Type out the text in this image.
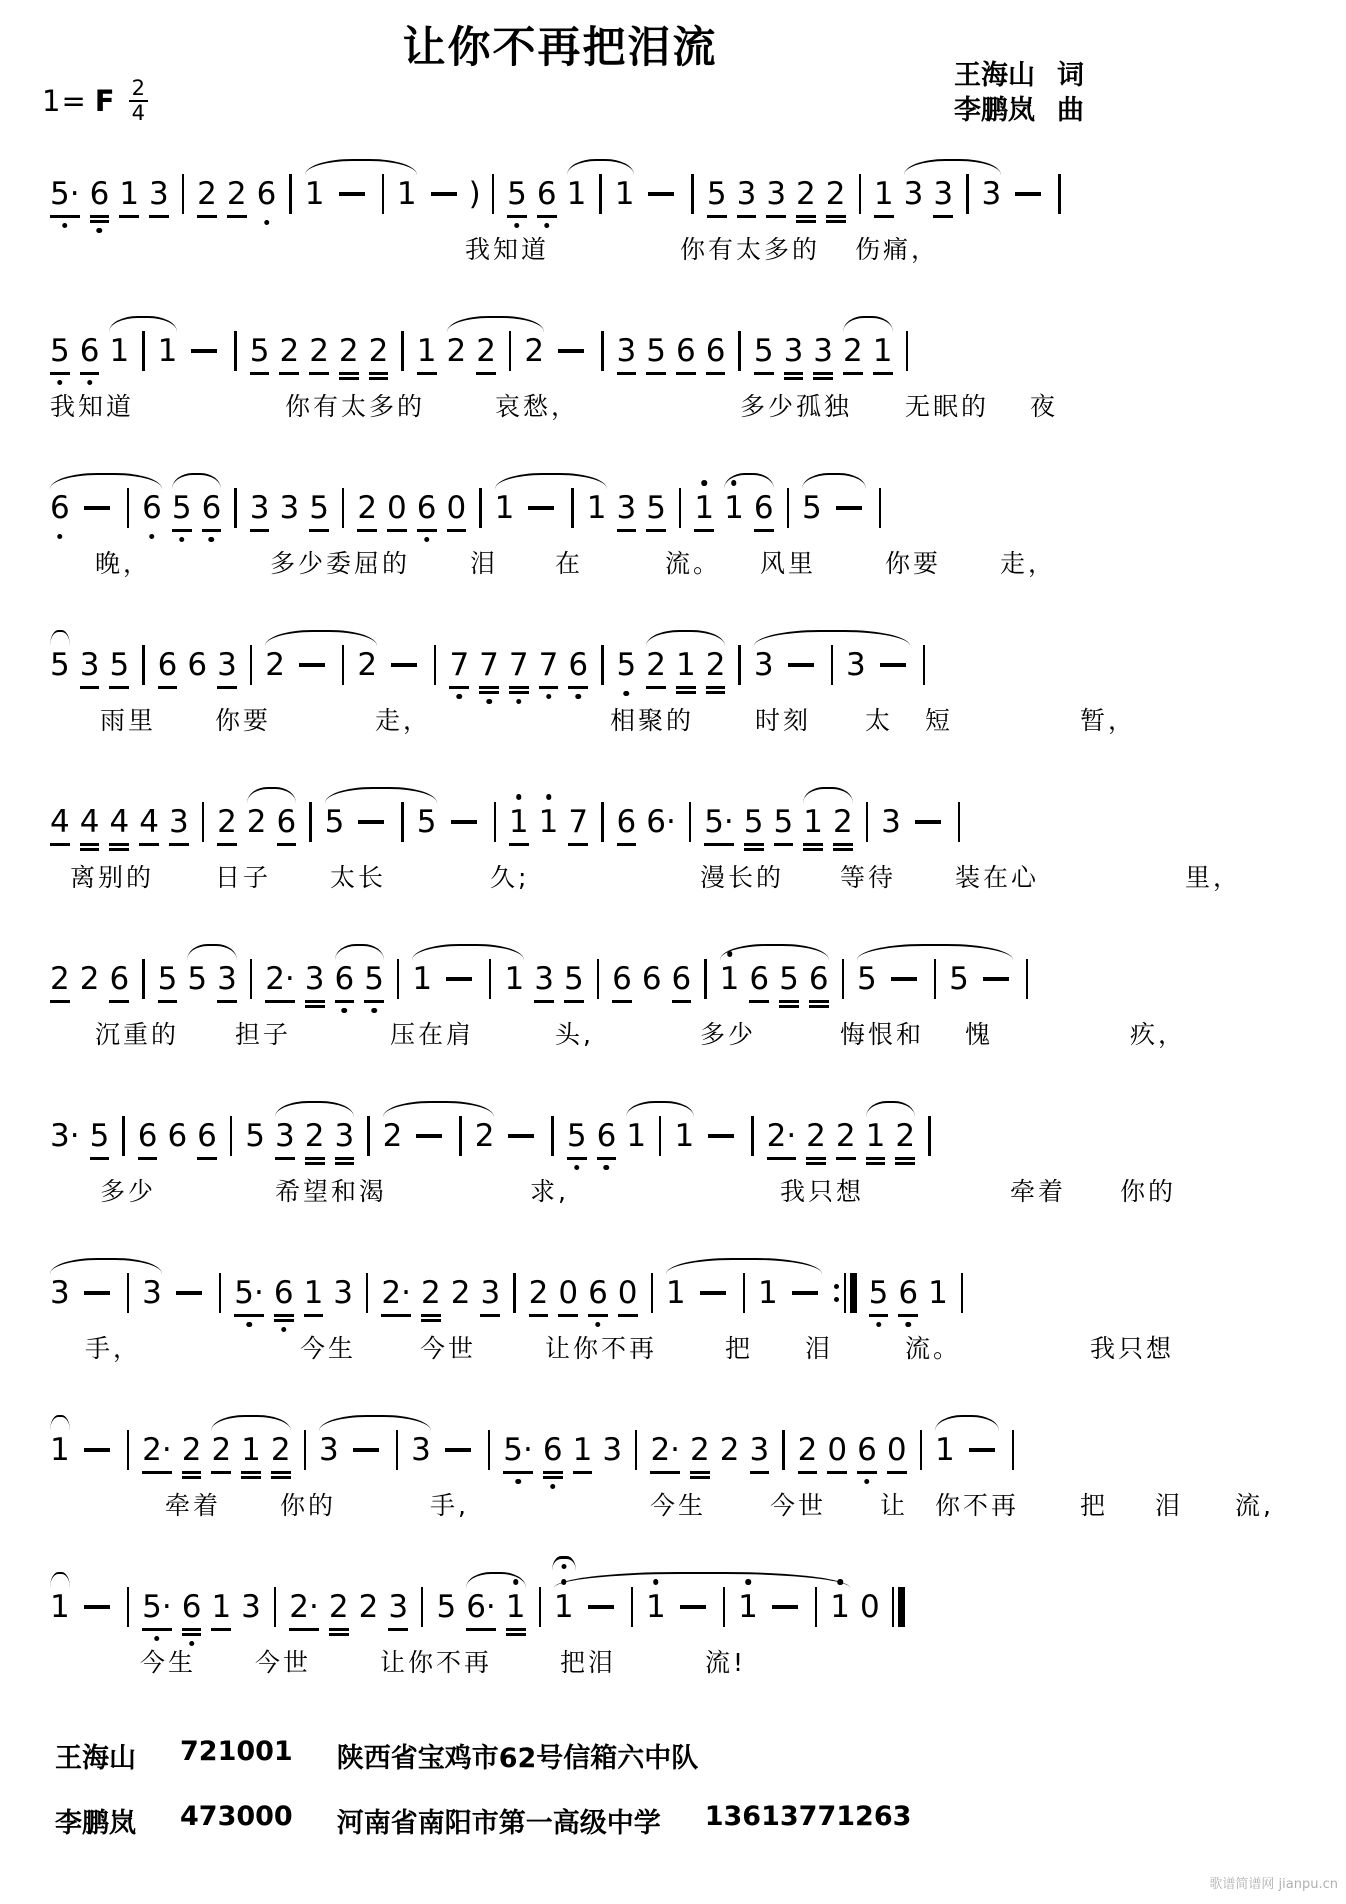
让你不再把泪流
王海山 词
李鹏岚 曲
1= F $\frac{2}{4}$
5· 6 1 3 2 2 6 1 1 ) 5 6 1 1 5 3 3 2 2 1 3 3 3
我知道	你有太多的 伤痛，
5 6 1 1 5 2 2 2 2 1 2 2 2 3 5 6 6 5 3 3 2 1
我知道	你有太多的	哀愁，	多少孤独 无眠的 夜
6 6 5 6 3 3 5 2 0 6 0 1 1 3 5 1 1 6 5
晚，	多少委屈的 泪 在	流。 风里	你要 走，
5 3 5 6 6 3 2 2 7 7 7 7 6 5 2 1 2 3 3
雨里 你要	走，	相聚的 时刻 太 短	暂，
4 4 4 4 3 2 2 6 5 5 1 1 7 6 6· 5· 5 5 1 2 3
离别的 日子 太长	久;	漫长的 等待 装在心	里，
2 2 6 5 5 3 2· 3 6 5 1 1 3 5 6 6 6 1 6 5 6 5 5
沉重的 担子	压在肩	头,	多少	悔恨和 愧	疚，
3· 5 6 6 6 5 3 2 3 2 2 5 6 1 1 2· 2 2 1 2
多少	希望和渴	求,	我只想	牵着 你的
3 3 5· 6 1 3 2· 2 2 3 2 0 6 0 1 1	5 6 1
手，	今生	今世	让你不再	把 泪	流。	我只想
1 2· 2 2 1 2 3 3 5· 6 1 3 2· 2 2 3 2 0 6 0 1
牵着 你的	手,	今生	今世 让 你不再 把 泪 流,
1 5· 6 1 3 2· 2 2 3 5 6· 1 1 1 1 1 0
今生 今世	让你不再	把泪	流!
王海山 721001 陕西省宝鸡市62号信箱六中队
李鹏岚 473000 河南省南阳市第一高级中学 13613771263
歌谱简谱网 jianpu.cn
